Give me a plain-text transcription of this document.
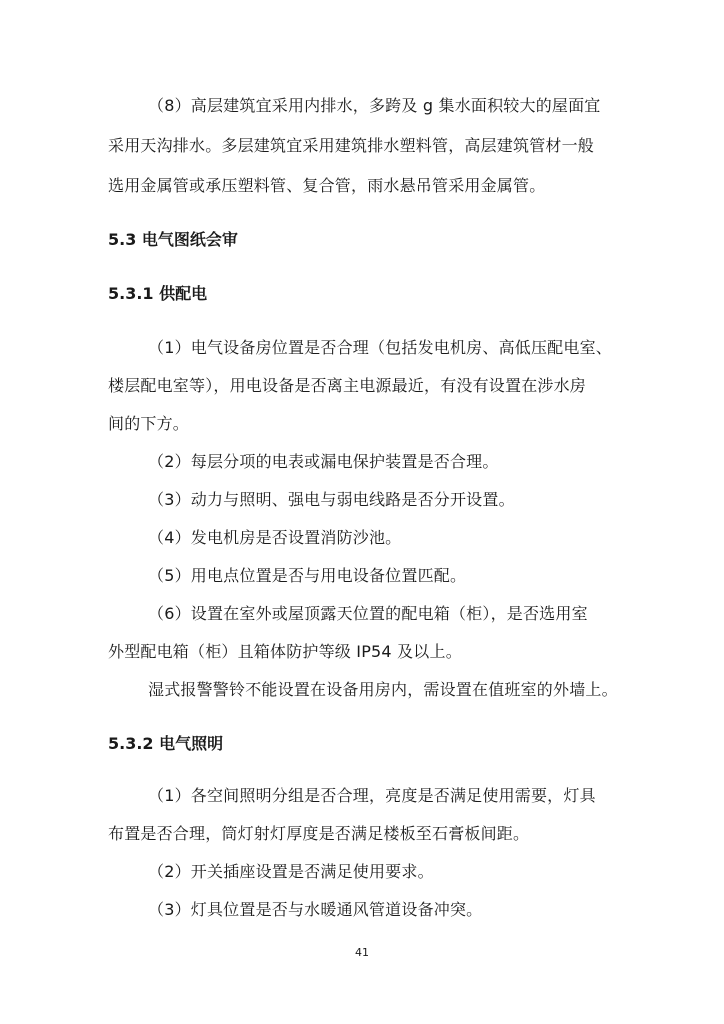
（8）高层建筑宜采用内排水，多跨及 g 集水面积较大的屋面宜
采用天沟排水。多层建筑宜采用建筑排水塑料管，高层建筑管材一般
选用金属管或承压塑料管、复合管，雨水悬吊管采用金属管。
5.3 电气图纸会审
5.3.1 供配电
（1）电气设备房位置是否合理（包括发电机房、高低压配电室、
楼层配电室等），用电设备是否离主电源最近，有没有设置在涉水房
间的下方。
（2）每层分项的电表或漏电保护装置是否合理。
（3）动力与照明、强电与弱电线路是否分开设置。
（4）发电机房是否设置消防沙池。
（5）用电点位置是否与用电设备位置匹配。
（6）设置在室外或屋顶露天位置的配电箱（柜），是否选用室
外型配电箱（柜）且箱体防护等级 IP54 及以上。
湿式报警警铃不能设置在设备用房内，需设置在值班室的外墙上。
5.3.2 电气照明
（1）各空间照明分组是否合理，亮度是否满足使用需要，灯具
布置是否合理，筒灯射灯厚度是否满足楼板至石膏板间距。
（2）开关插座设置是否满足使用要求。
（3）灯具位置是否与水暖通风管道设备冲突。
41
